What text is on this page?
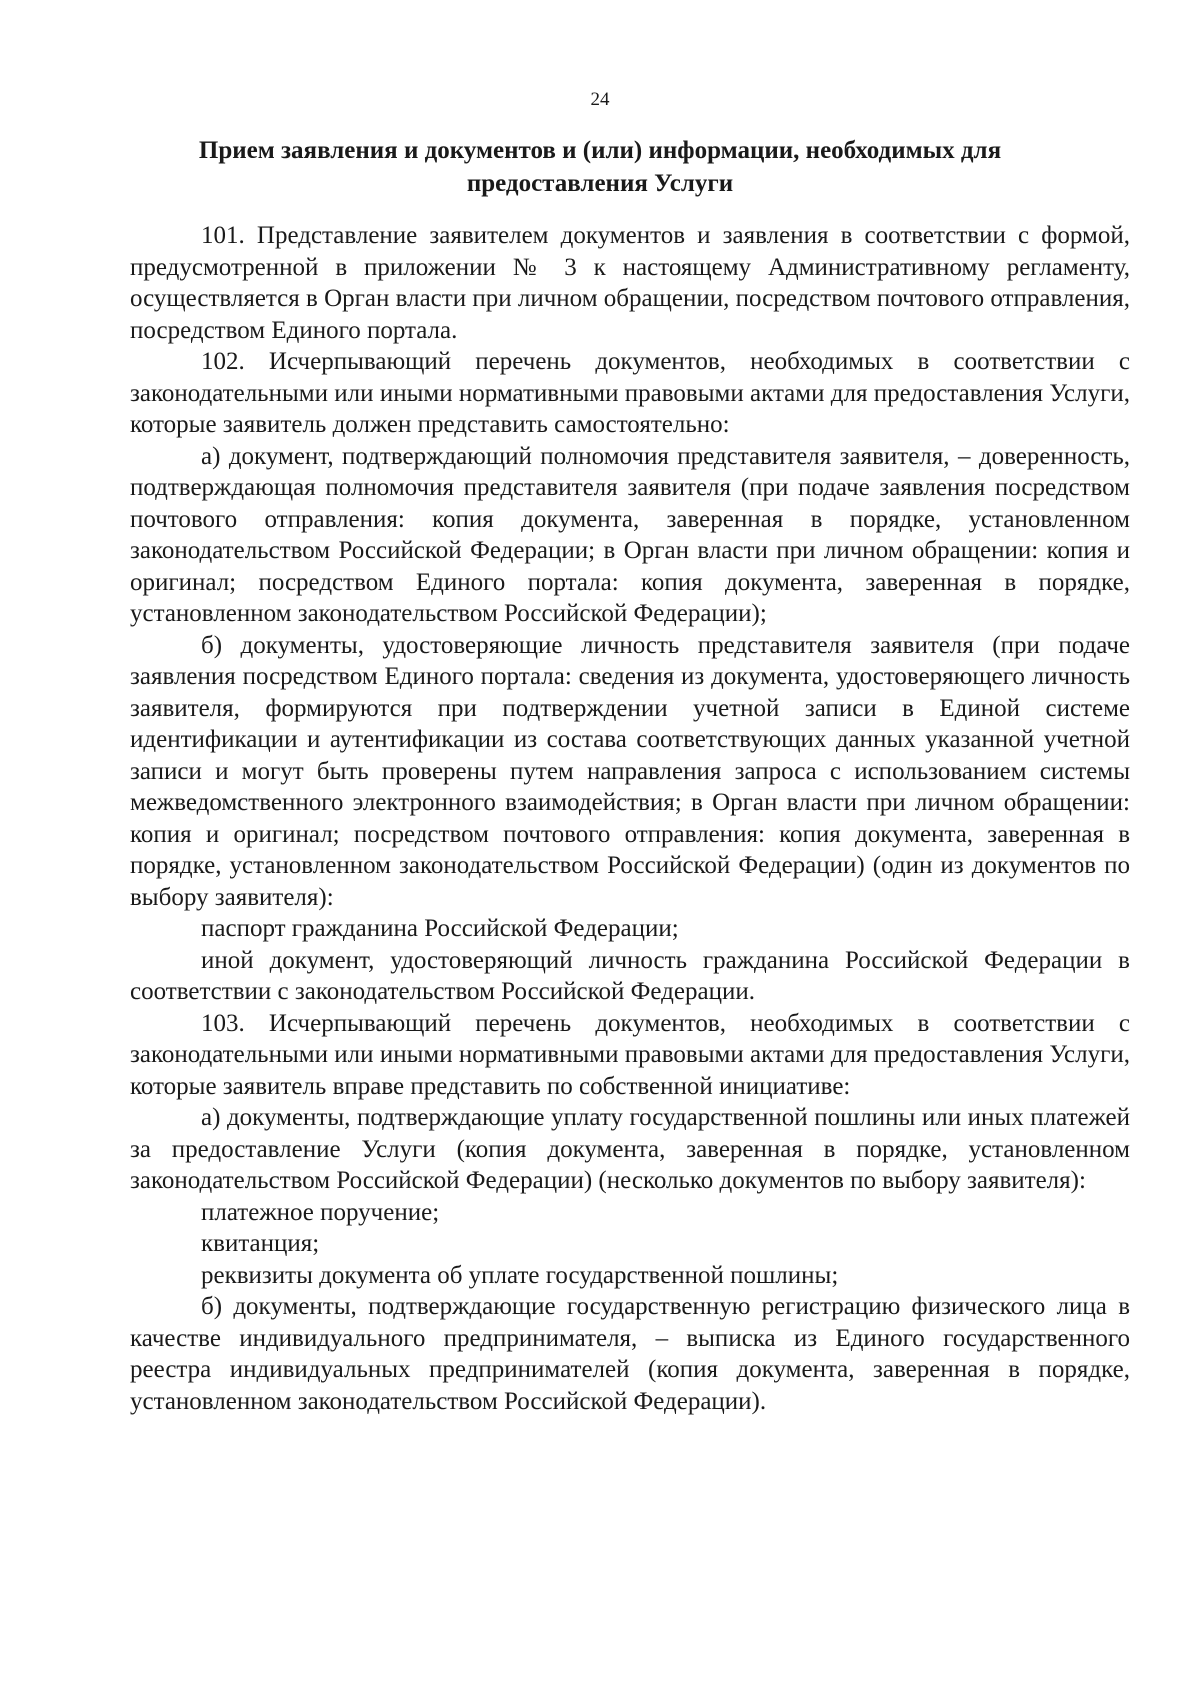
24
Прием заявления и документов и (или) информации, необходимых для
предоставления Услуги

101. Представление заявителем документов и заявления в соответствии с формой, предусмотренной в приложении № 3 к настоящему Административному регламенту, осуществляется в Орган власти при личном обращении, посредством почтового отправления, посредством Единого портала.

102. Исчерпывающий перечень документов, необходимых в соответствии с законодательными или иными нормативными правовыми актами для предоставления Услуги, которые заявитель должен представить самостоятельно:

а) документ, подтверждающий полномочия представителя заявителя, – доверенность, подтверждающая полномочия представителя заявителя (при подаче заявления посредством почтового отправления: копия документа, заверенная в порядке, установленном законодательством Российской Федерации; в Орган власти при личном обращении: копия и оригинал; посредством Единого портала: копия документа, заверенная в порядке, установленном законодательством Российской Федерации);

б) документы, удостоверяющие личность представителя заявителя (при подаче заявления посредством Единого портала: сведения из документа, удостоверяющего личность заявителя, формируются при подтверждении учетной записи в Единой системе идентификации и аутентификации из состава соответствующих данных указанной учетной записи и могут быть проверены путем направления запроса с использованием системы межведомственного электронного взаимодействия; в Орган власти при личном обращении: копия и оригинал; посредством почтового отправления: копия документа, заверенная в порядке, установленном законодательством Российской Федерации) (один из документов по выбору заявителя):

паспорт гражданина Российской Федерации;

иной документ, удостоверяющий личность гражданина Российской Федерации в соответствии с законодательством Российской Федерации.

103. Исчерпывающий перечень документов, необходимых в соответствии с законодательными или иными нормативными правовыми актами для предоставления Услуги, которые заявитель вправе представить по собственной инициативе:

а) документы, подтверждающие уплату государственной пошлины или иных платежей за предоставление Услуги (копия документа, заверенная в порядке, установленном законодательством Российской Федерации) (несколько документов по выбору заявителя):

платежное поручение;

квитанция;

реквизиты документа об уплате государственной пошлины;

б) документы, подтверждающие государственную регистрацию физического лица в качестве индивидуального предпринимателя, – выписка из Единого государственного реестра индивидуальных предпринимателей (копия документа, заверенная в порядке, установленном законодательством Российской Федерации).
